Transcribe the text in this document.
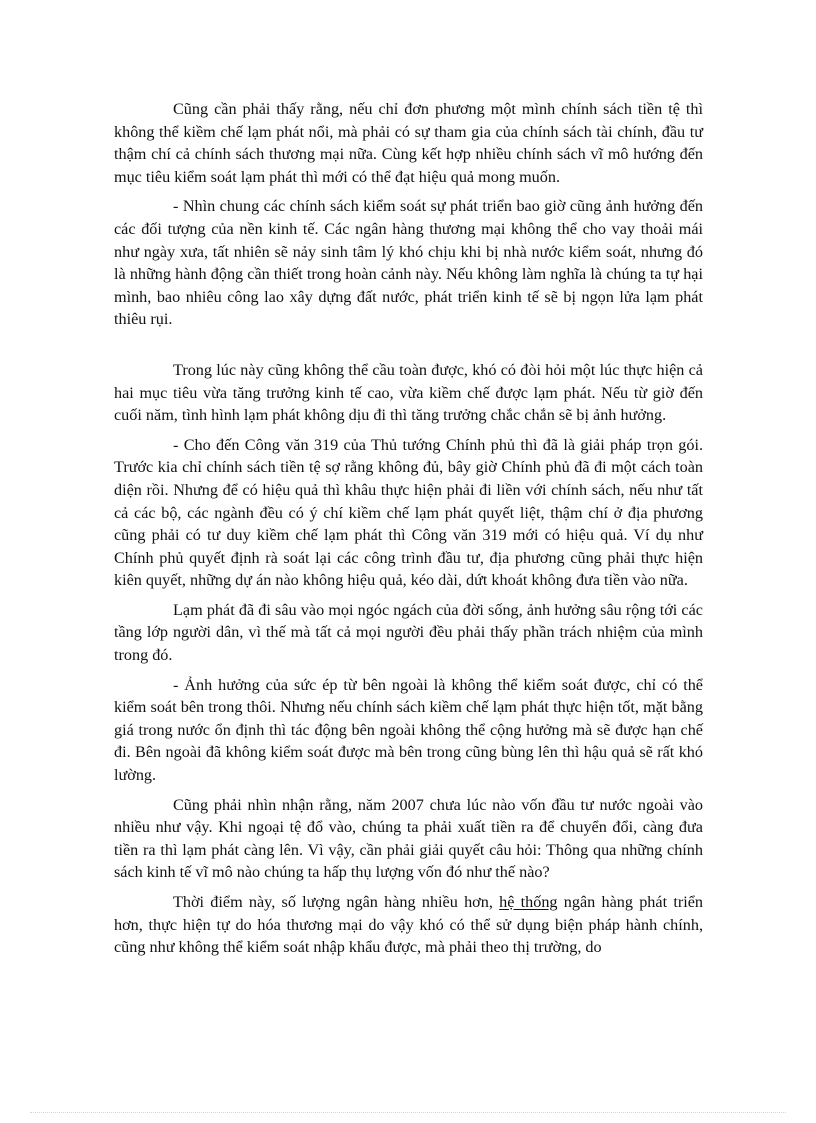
Cũng cần phải thấy rằng, nếu chỉ đơn phương một mình chính sách tiền tệ thì không thể kiềm chế lạm phát nổi, mà phải có sự tham gia của chính sách tài chính, đầu tư thậm chí cả chính sách thương mại nữa. Cùng kết hợp nhiều chính sách vĩ mô hướng đến mục tiêu kiểm soát lạm phát thì mới có thể đạt hiệu quả mong muốn.

- Nhìn chung các chính sách kiểm soát sự phát triển bao giờ cũng ảnh hưởng đến các đối tượng của nền kinh tế. Các ngân hàng thương mại không thể cho vay thoải mái như ngày xưa, tất nhiên sẽ nảy sinh tâm lý khó chịu khi bị nhà nước kiểm soát, nhưng đó là những hành động cần thiết trong hoàn cảnh này. Nếu không làm nghĩa là chúng ta tự hại mình, bao nhiêu công lao xây dựng đất nước, phát triển kinh tế sẽ bị ngọn lửa lạm phát thiêu rụi.

Trong lúc này cũng không thể cầu toàn được, khó có đòi hỏi một lúc thực hiện cả hai mục tiêu vừa tăng trưởng kinh tế cao, vừa kiềm chế được lạm phát. Nếu từ giờ đến cuối năm, tình hình lạm phát không dịu đi thì tăng trưởng chắc chắn sẽ bị ảnh hưởng.

- Cho đến Công văn 319 của Thủ tướng Chính phủ thì đã là giải pháp trọn gói. Trước kia chỉ chính sách tiền tệ sợ rằng không đủ, bây giờ Chính phủ đã đi một cách toàn diện rồi. Nhưng để có hiệu quả thì khâu thực hiện phải đi liền với chính sách, nếu như tất cả các bộ, các ngành đều có ý chí kiềm chế lạm phát quyết liệt, thậm chí ở địa phương cũng phải có tư duy kiềm chế lạm phát thì Công văn 319 mới có hiệu quả. Ví dụ như Chính phủ quyết định rà soát lại các công trình đầu tư, địa phương cũng phải thực hiện kiên quyết, những dự án nào không hiệu quả, kéo dài, dứt khoát không đưa tiền vào nữa.

Lạm phát đã đi sâu vào mọi ngóc ngách của đời sống, ảnh hưởng sâu rộng tới các tầng lớp người dân, vì thế mà tất cả mọi người đều phải thấy phần trách nhiệm của mình trong đó.

- Ảnh hưởng của sức ép từ bên ngoài là không thể kiểm soát được, chỉ có thể kiểm soát bên trong thôi. Nhưng nếu chính sách kiềm chế lạm phát thực hiện tốt, mặt bằng giá trong nước ổn định thì tác động bên ngoài không thể cộng hưởng mà sẽ được hạn chế đi. Bên ngoài đã không kiểm soát được mà bên trong cũng bùng lên thì hậu quả sẽ rất khó lường.

Cũng phải nhìn nhận rằng, năm 2007 chưa lúc nào vốn đầu tư nước ngoài vào nhiều như vậy. Khi ngoại tệ đổ vào, chúng ta phải xuất tiền ra để chuyển đổi, càng đưa tiền ra thì lạm phát càng lên. Vì vậy, cần phải giải quyết câu hỏi: Thông qua những chính sách kinh tế vĩ mô nào chúng ta hấp thụ lượng vốn đó như thế nào?

Thời điểm này, số lượng ngân hàng nhiều hơn, hệ thống ngân hàng phát triển hơn, thực hiện tự do hóa thương mại do vậy khó có thể sử dụng biện pháp hành chính, cũng như không thể kiểm soát nhập khẩu được, mà phải theo thị trường, do
